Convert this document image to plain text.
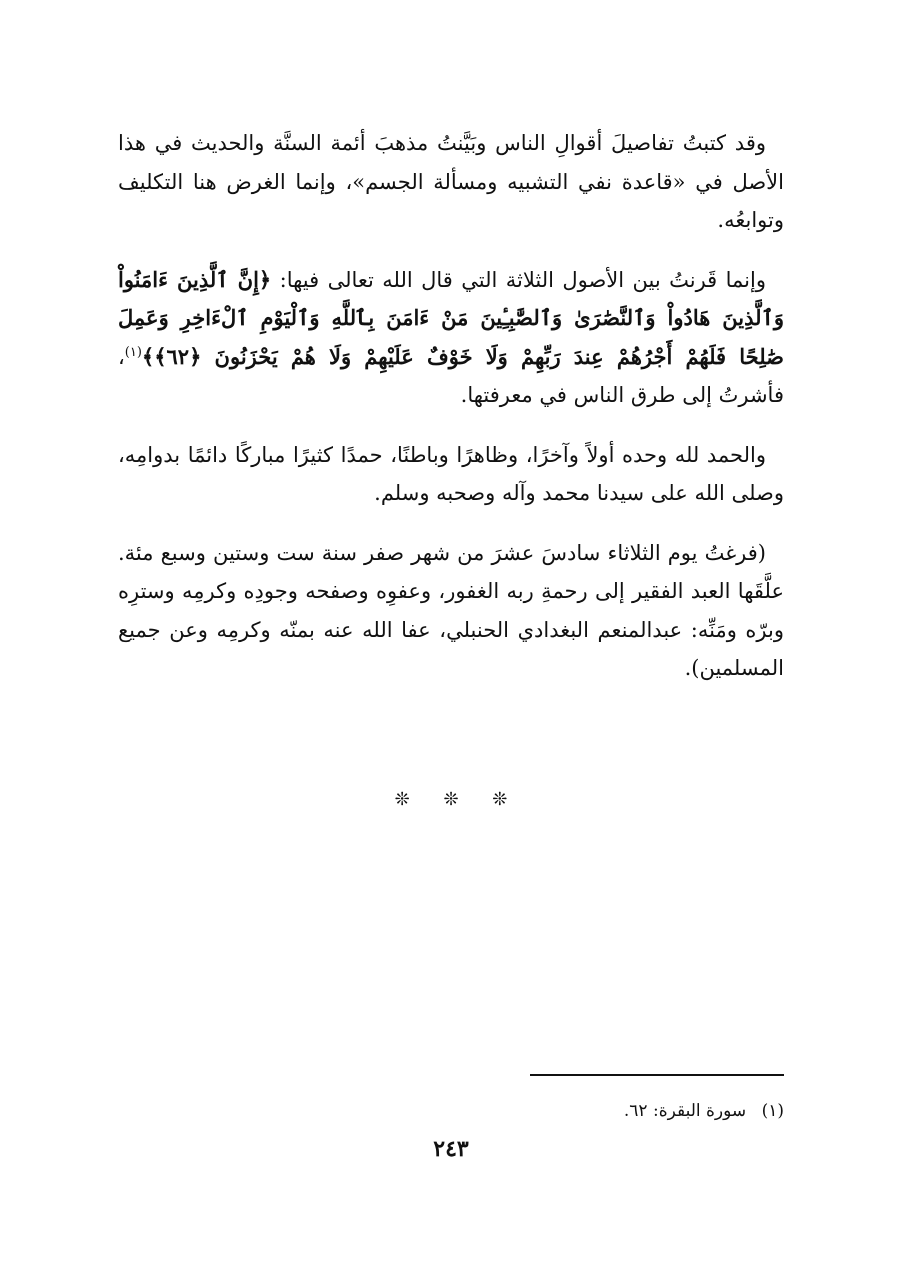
وقد كتبتُ تفاصيلَ أقوالِ الناس وبَيَّنتُ مذهبَ أئمة السنَّة والحديث في هذا الأصل في «قاعدة نفي التشبيه ومسألة الجسم»، وإنما الغرض هنا التكليف وتوابعُه.

وإنما قَرنتُ بين الأصول الثلاثة التي قال الله تعالى فيها: ﴿إِنَّ ٱلَّذِينَ ءَامَنُواْ وَٱلَّذِينَ هَادُواْ وَٱلنَّصَٰرَىٰ وَٱلصَّٰبِـِٔينَ مَنْ ءَامَنَ بِٱللَّهِ وَٱلْيَوْمِ ٱلْءَاخِرِ وَعَمِلَ صَٰلِحًا فَلَهُمْ أَجْرُهُمْ عِندَ رَبِّهِمْ وَلَا خَوْفٌ عَلَيْهِمْ وَلَا هُمْ يَحْزَنُونَ ﴿٦٢﴾﴾$^{(١)}$، فأشرتُ إلى طرق الناس في معرفتها.

والحمد لله وحده أولاً وآخرًا، وظاهرًا وباطنًا، حمدًا كثيرًا مباركًا دائمًا بدوامِه، وصلى الله على سيدنا محمد وآله وصحبه وسلم.

(فرغتُ يوم الثلاثاء سادسَ عشرَ من شهر صفر سنة ست وستين وسبع مئة. علَّقَها العبد الفقير إلى رحمةِ ربه الغفور، وعفوِه وصفحه وجودِه وكرمِه وسترِه وبرّه ومَنِّه: عبدالمنعم البغدادي الحنبلي، عفا الله عنه بمنّه وكرمِه وعن جميع المسلمين).

❊ ❊ ❊
(١) سورة البقرة: ٦٢.
٢٤٣
